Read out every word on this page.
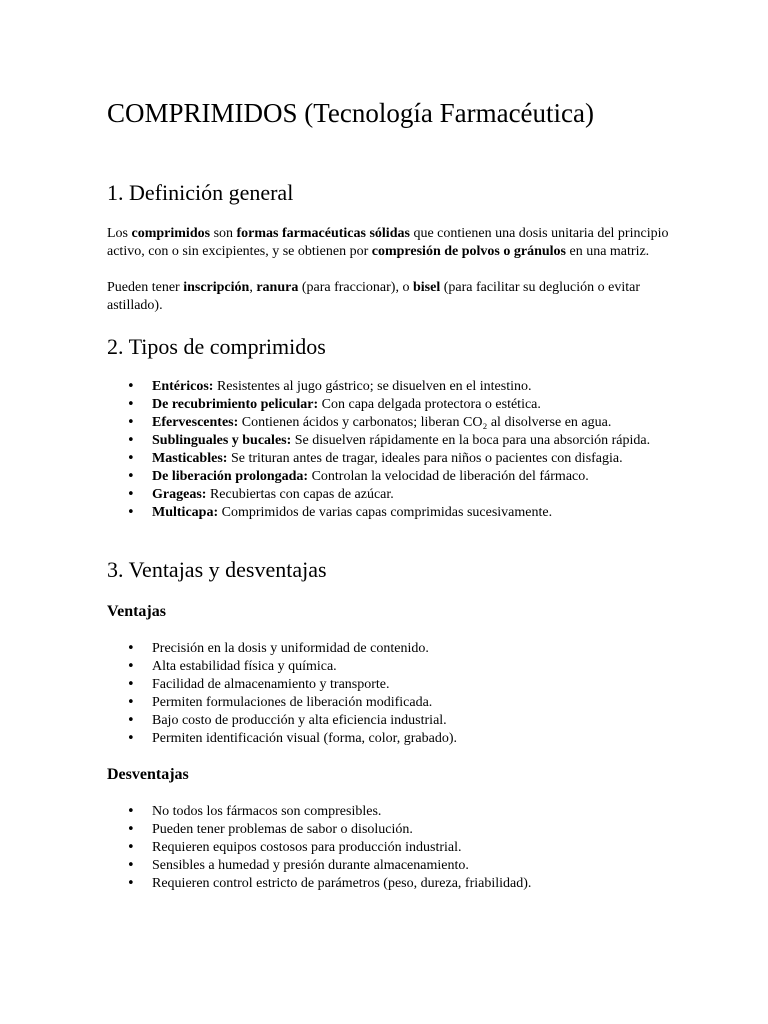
COMPRIMIDOS (Tecnología Farmacéutica)
1. Definición general

Los comprimidos son formas farmacéuticas sólidas que contienen una dosis unitaria del principio activo, con o sin excipientes, y se obtienen por compresión de polvos o gránulos en una matriz.

Pueden tener inscripción, ranura (para fraccionar), o bisel (para facilitar su deglución o evitar astillado).

2. Tipos de comprimidos
• Entéricos: Resistentes al jugo gástrico; se disuelven en el intestino.
• De recubrimiento pelicular: Con capa delgada protectora o estética.
• Efervescentes: Contienen ácidos y carbonatos; liberan CO₂ al disolverse en agua.
• Sublinguales y bucales: Se disuelven rápidamente en la boca para una absorción rápida.
• Masticables: Se trituran antes de tragar, ideales para niños o pacientes con disfagia.
• De liberación prolongada: Controlan la velocidad de liberación del fármaco.
• Grageas: Recubiertas con capas de azúcar.
• Multicapa: Comprimidos de varias capas comprimidas sucesivamente.
3. Ventajas y desventajas
Ventajas
• Precisión en la dosis y uniformidad de contenido.
• Alta estabilidad física y química.
• Facilidad de almacenamiento y transporte.
• Permiten formulaciones de liberación modificada.
• Bajo costo de producción y alta eficiencia industrial.
• Permiten identificación visual (forma, color, grabado).
Desventajas
• No todos los fármacos son compresibles.
• Pueden tener problemas de sabor o disolución.
• Requieren equipos costosos para producción industrial.
• Sensibles a humedad y presión durante almacenamiento.
• Requieren control estricto de parámetros (peso, dureza, friabilidad).
